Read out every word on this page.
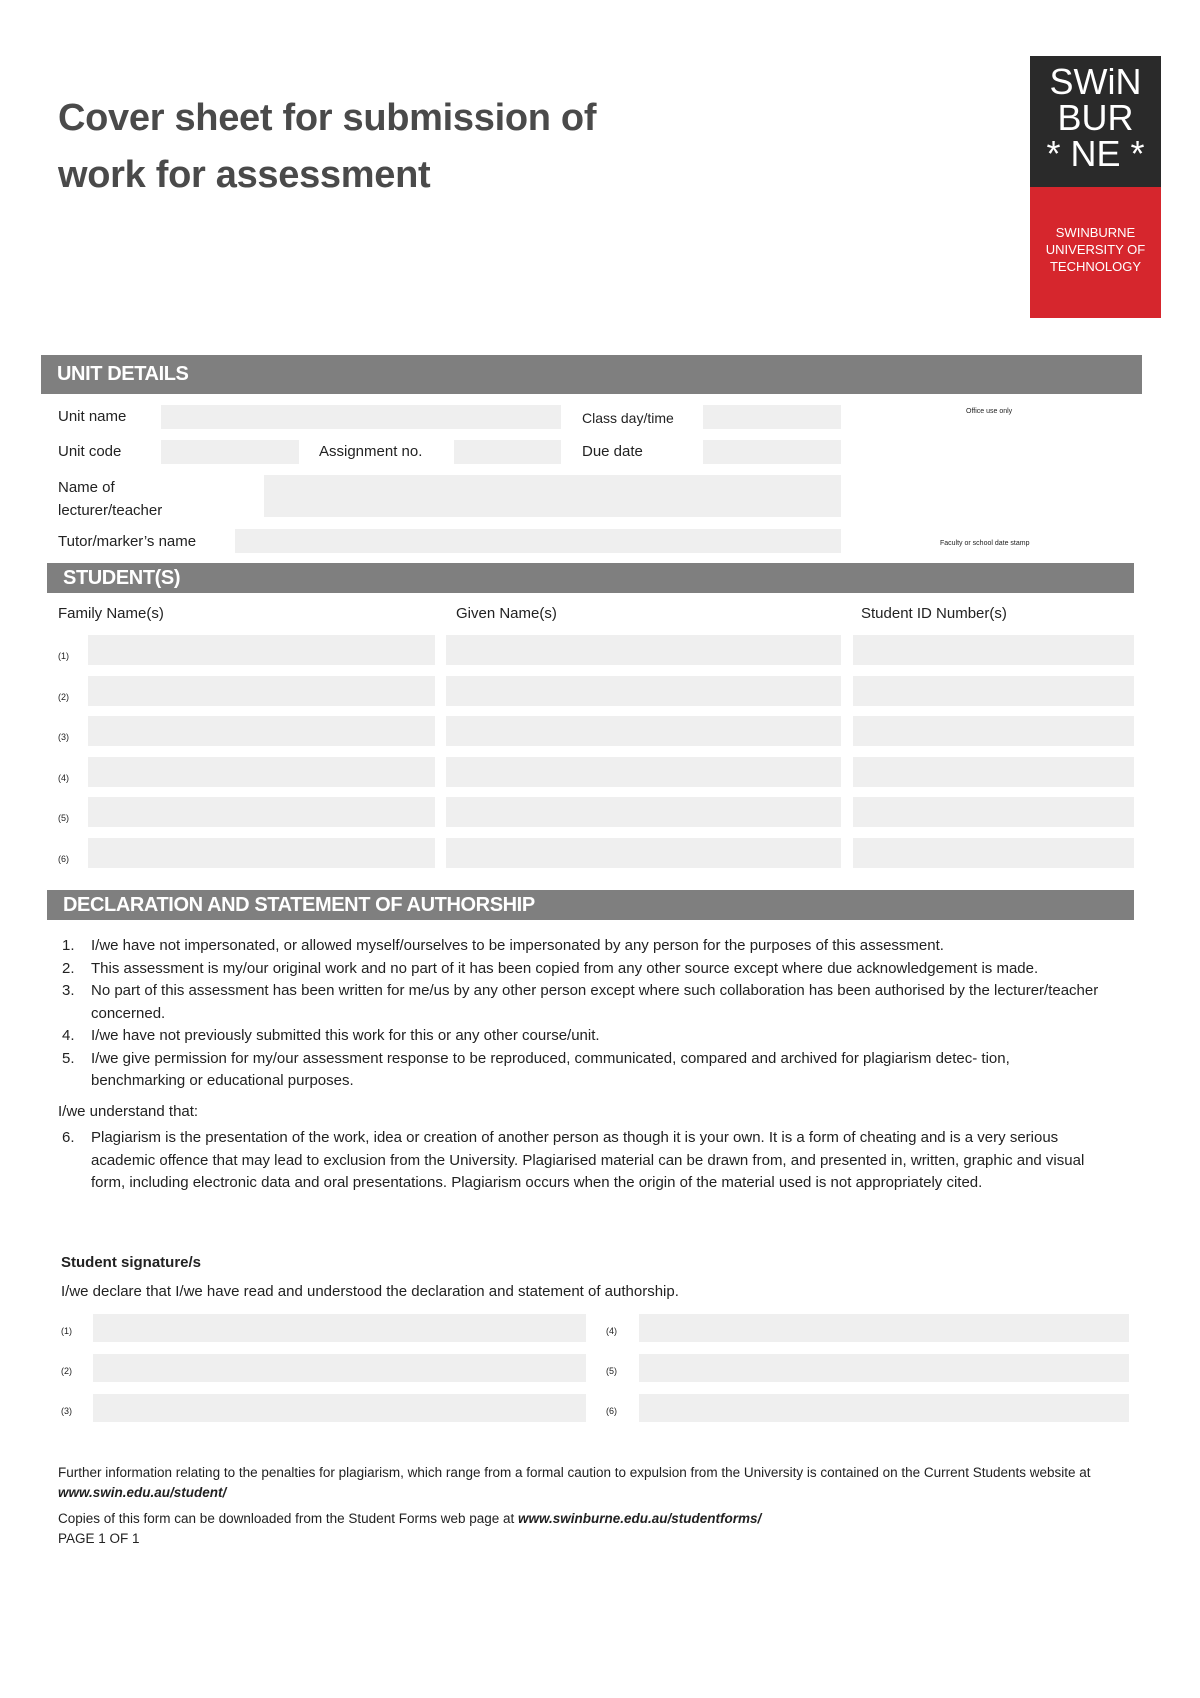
Cover sheet for submission of
work for assessment
SWiN
BUR
* NE *
SWINBURNE
UNIVERSITY OF
TECHNOLOGY
UNIT DETAILS
Unit name	Class day/time	Office use only
Unit code	Assignment no.	Due date
Name of
lecturer/teacher
Tutor/marker’s name	Faculty or school date stamp
STUDENT(S)
Family Name(s)	Given Name(s)	Student ID Number(s)
(1)
(2)
(3)
(4)
(5)
(6)
DECLARATION AND STATEMENT OF AUTHORSHIP
1. I/we have not impersonated, or allowed myself/ourselves to be impersonated by any person for the purposes of this assessment.
2. This assessment is my/our original work and no part of it has been copied from any other source except where due acknowledgement is made.
3. No part of this assessment has been written for me/us by any other person except where such collaboration has been authorised by the lecturer/teacher concerned.
4. I/we have not previously submitted this work for this or any other course/unit.
5. I/we give permission for my/our assessment response to be reproduced, communicated, compared and archived for plagiarism detec- tion, benchmarking or educational purposes.
I/we understand that:
6. Plagiarism is the presentation of the work, idea or creation of another person as though it is your own. It is a form of cheating and is a very serious academic offence that may lead to exclusion from the University. Plagiarised material can be drawn from, and presented in, written, graphic and visual form, including electronic data and oral presentations. Plagiarism occurs when the origin of the material used is not appropriately cited.
Student signature/s
I/we declare that I/we have read and understood the declaration and statement of authorship.
(1)	(4)
(2)	(5)
(3)	(6)
Further information relating to the penalties for plagiarism, which range from a formal caution to expulsion from the University is contained on the Current Students website at  www.swin.edu.au/student/
Copies of this form can be downloaded from the Student Forms web page at www.swinburne.edu.au/studentforms/
PAGE 1 OF 1
